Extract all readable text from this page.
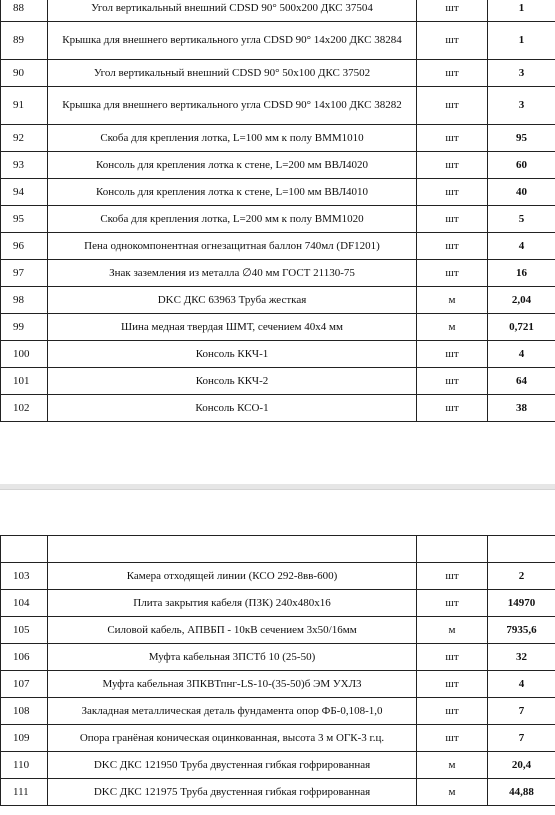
88	Угол вертикальный внешний CDSD 90° 500x200 ДКС 37504	шт	1
89	Крышка для внешнего вертикального угла CDSD 90° 14x200 ДКС 38284	шт	1
90	Угол вертикальный внешний CDSD 90° 50x100 ДКС 37502	шт	3
91	Крышка для внешнего вертикального угла CDSD 90° 14x100 ДКС 38282	шт	3
92	Скоба для крепления лотка, L=100 мм к полу ВММ1010	шт	95
93	Консоль для крепления лотка к стене, L=200 мм ВВЛ4020	шт	60
94	Консоль для крепления лотка к стене, L=100 мм ВВЛ4010	шт	40
95	Скоба для крепления лотка, L=200 мм к полу ВММ1020	шт	5
96	Пена однокомпонентная огнезащитная баллон 740мл (DF1201)	шт	4
97	Знак заземления из металла ∅40 мм ГОСТ 21130-75	шт	16
98	DKC ДКС 63963 Труба жесткая	м	2,04
99	Шина медная твердая ШМТ, сечением 40х4 мм	м	0,721
100	Консоль ККЧ-1	шт	4
101	Консоль ККЧ-2	шт	64
102	Консоль КСО-1	шт	38

103	Камера отходящей линии (КСО 292-8вв-600)	шт	2
104	Плита закрытия кабеля (ПЗК) 240х480х16	шт	14970
105	Силовой кабель, АПВБП - 10кВ сечением 3х50/16мм	м	7935,6
106	Муфта кабельная 3ПСТб 10 (25-50)	шт	32
107	Муфта кабельная 3ПКВТпнг-LS-10-(35-50)б ЭМ УХЛ3	шт	4
108	Закладная металлическая деталь фундамента опор ФБ-0,108-1,0	шт	7
109	Опора гранёная коническая оцинкованная, высота 3 м ОГК-3 г.ц.	шт	7
110	DKC ДКС 121950 Труба двустенная гибкая гофрированная	м	20,4
111	DKC ДКС 121975 Труба двустенная гибкая гофрированная	м	44,88
